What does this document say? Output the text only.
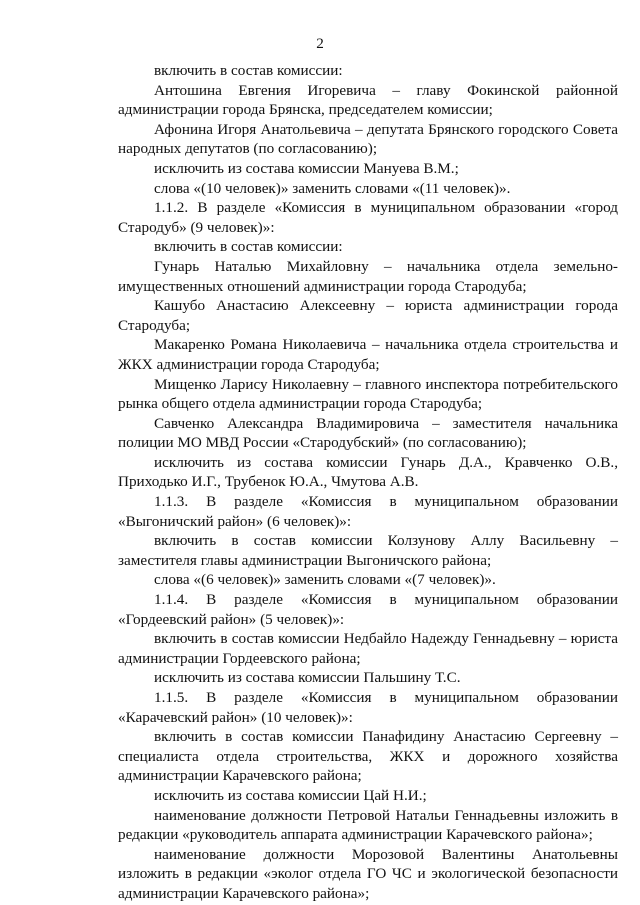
2

включить в состав комиссии:

Антошина Евгения Игоревича – главу Фокинской районной администрации города Брянска, председателем комиссии;

Афонина Игоря Анатольевича – депутата Брянского городского Совета народных депутатов (по согласованию);

исключить из состава комиссии Мануева В.М.;

слова «(10 человек)» заменить словами «(11 человек)».

1.1.2. В разделе «Комиссия в муниципальном образовании «город Стародуб» (9 человек)»:

включить в состав комиссии:

Гунарь Наталью Михайловну – начальника отдела земельно-имущественных отношений администрации города Стародуба;

Кашубо Анастасию Алексеевну – юриста администрации города Стародуба;

Макаренко Романа Николаевича – начальника отдела строительства и ЖКХ администрации города Стародуба;

Мищенко Ларису Николаевну – главного инспектора потребительского рынка общего отдела администрации города Стародуба;

Савченко Александра Владимировича – заместителя начальника полиции МО МВД России «Стародубский» (по согласованию);

исключить из состава комиссии Гунарь Д.А., Кравченко О.В., Приходько И.Г., Трубенок Ю.А., Чмутова А.В.

1.1.3. В разделе «Комиссия в муниципальном образовании «Выгоничский район» (6 человек)»:

включить в состав комиссии Колзунову Аллу Васильевну – заместителя главы администрации Выгоничского района;

слова «(6 человек)» заменить словами «(7 человек)».

1.1.4. В разделе «Комиссия в муниципальном образовании «Гордеевский район» (5 человек)»:

включить в состав комиссии Недбайло Надежду Геннадьевну – юриста администрации Гордеевского района;

исключить из состава комиссии Пальшину Т.С.

1.1.5. В разделе «Комиссия в муниципальном образовании «Карачевский район» (10 человек)»:

включить в состав комиссии Панафидину Анастасию Сергеевну – специалиста отдела строительства, ЖКХ и дорожного хозяйства администрации Карачевского района;

исключить из состава комиссии Цай Н.И.;

наименование должности Петровой Натальи Геннадьевны изложить в редакции «руководитель аппарата администрации Карачевского района»;

наименование должности Морозовой Валентины Анатольевны изложить в редакции «эколог отдела ГО ЧС и экологической безопасности администрации Карачевского района»;
